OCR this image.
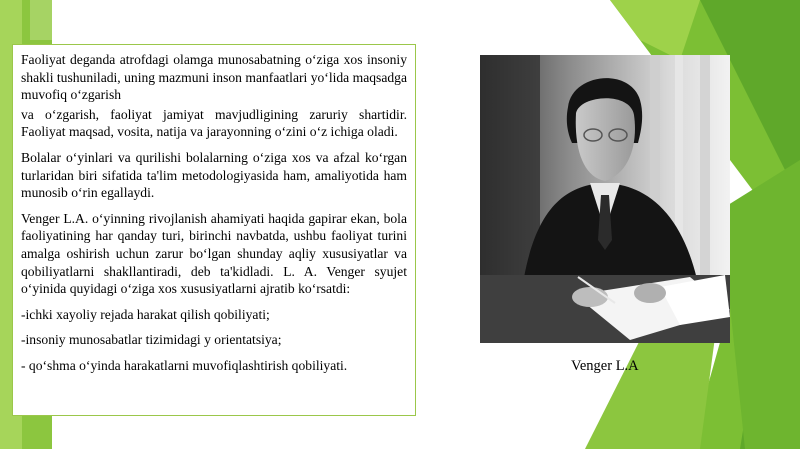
Faoliyat deganda atrofdagi olamga munosabatning oʻziga xos insoniy shakli tushuniladi, uning mazmuni inson manfaatlari yoʻlida maqsadga muvofiq oʻzgarish

va oʻzgarish, faoliyat jamiyat mavjudligining zaruriy shartidir. Faoliyat maqsad, vosita, natija va jarayonning oʻzini oʻz ichiga oladi.

Bolalar oʻyinlari va qurilishi bolalarning oʻziga xos va afzal koʻrgan turlaridan biri sifatida ta'lim metodologiyasida ham, amaliyotida ham munosib oʻrin egallaydi.

Venger L.A. oʻyinning rivojlanish ahamiyati haqida gapirar ekan, bola faoliyatining har qanday turi, birinchi navbatda, ushbu faoliyat turini amalga oshirish uchun zarur boʻlgan shunday aqliy xususiyatlar va qobiliyatlarni shakllantiradi, deb ta'kidladi. L. A. Venger syujet oʻyinida quyidagi oʻziga xos xususiyatlarni ajratib koʻrsatdi:

-ichki xayoliy rejada harakat qilish qobiliyati;

-insoniy munosabatlar tizimidagi y orientatsiya;

- qoʻshma oʻyinda harakatlarni muvofiqlashtirish qobiliyati.	Venger L.A
